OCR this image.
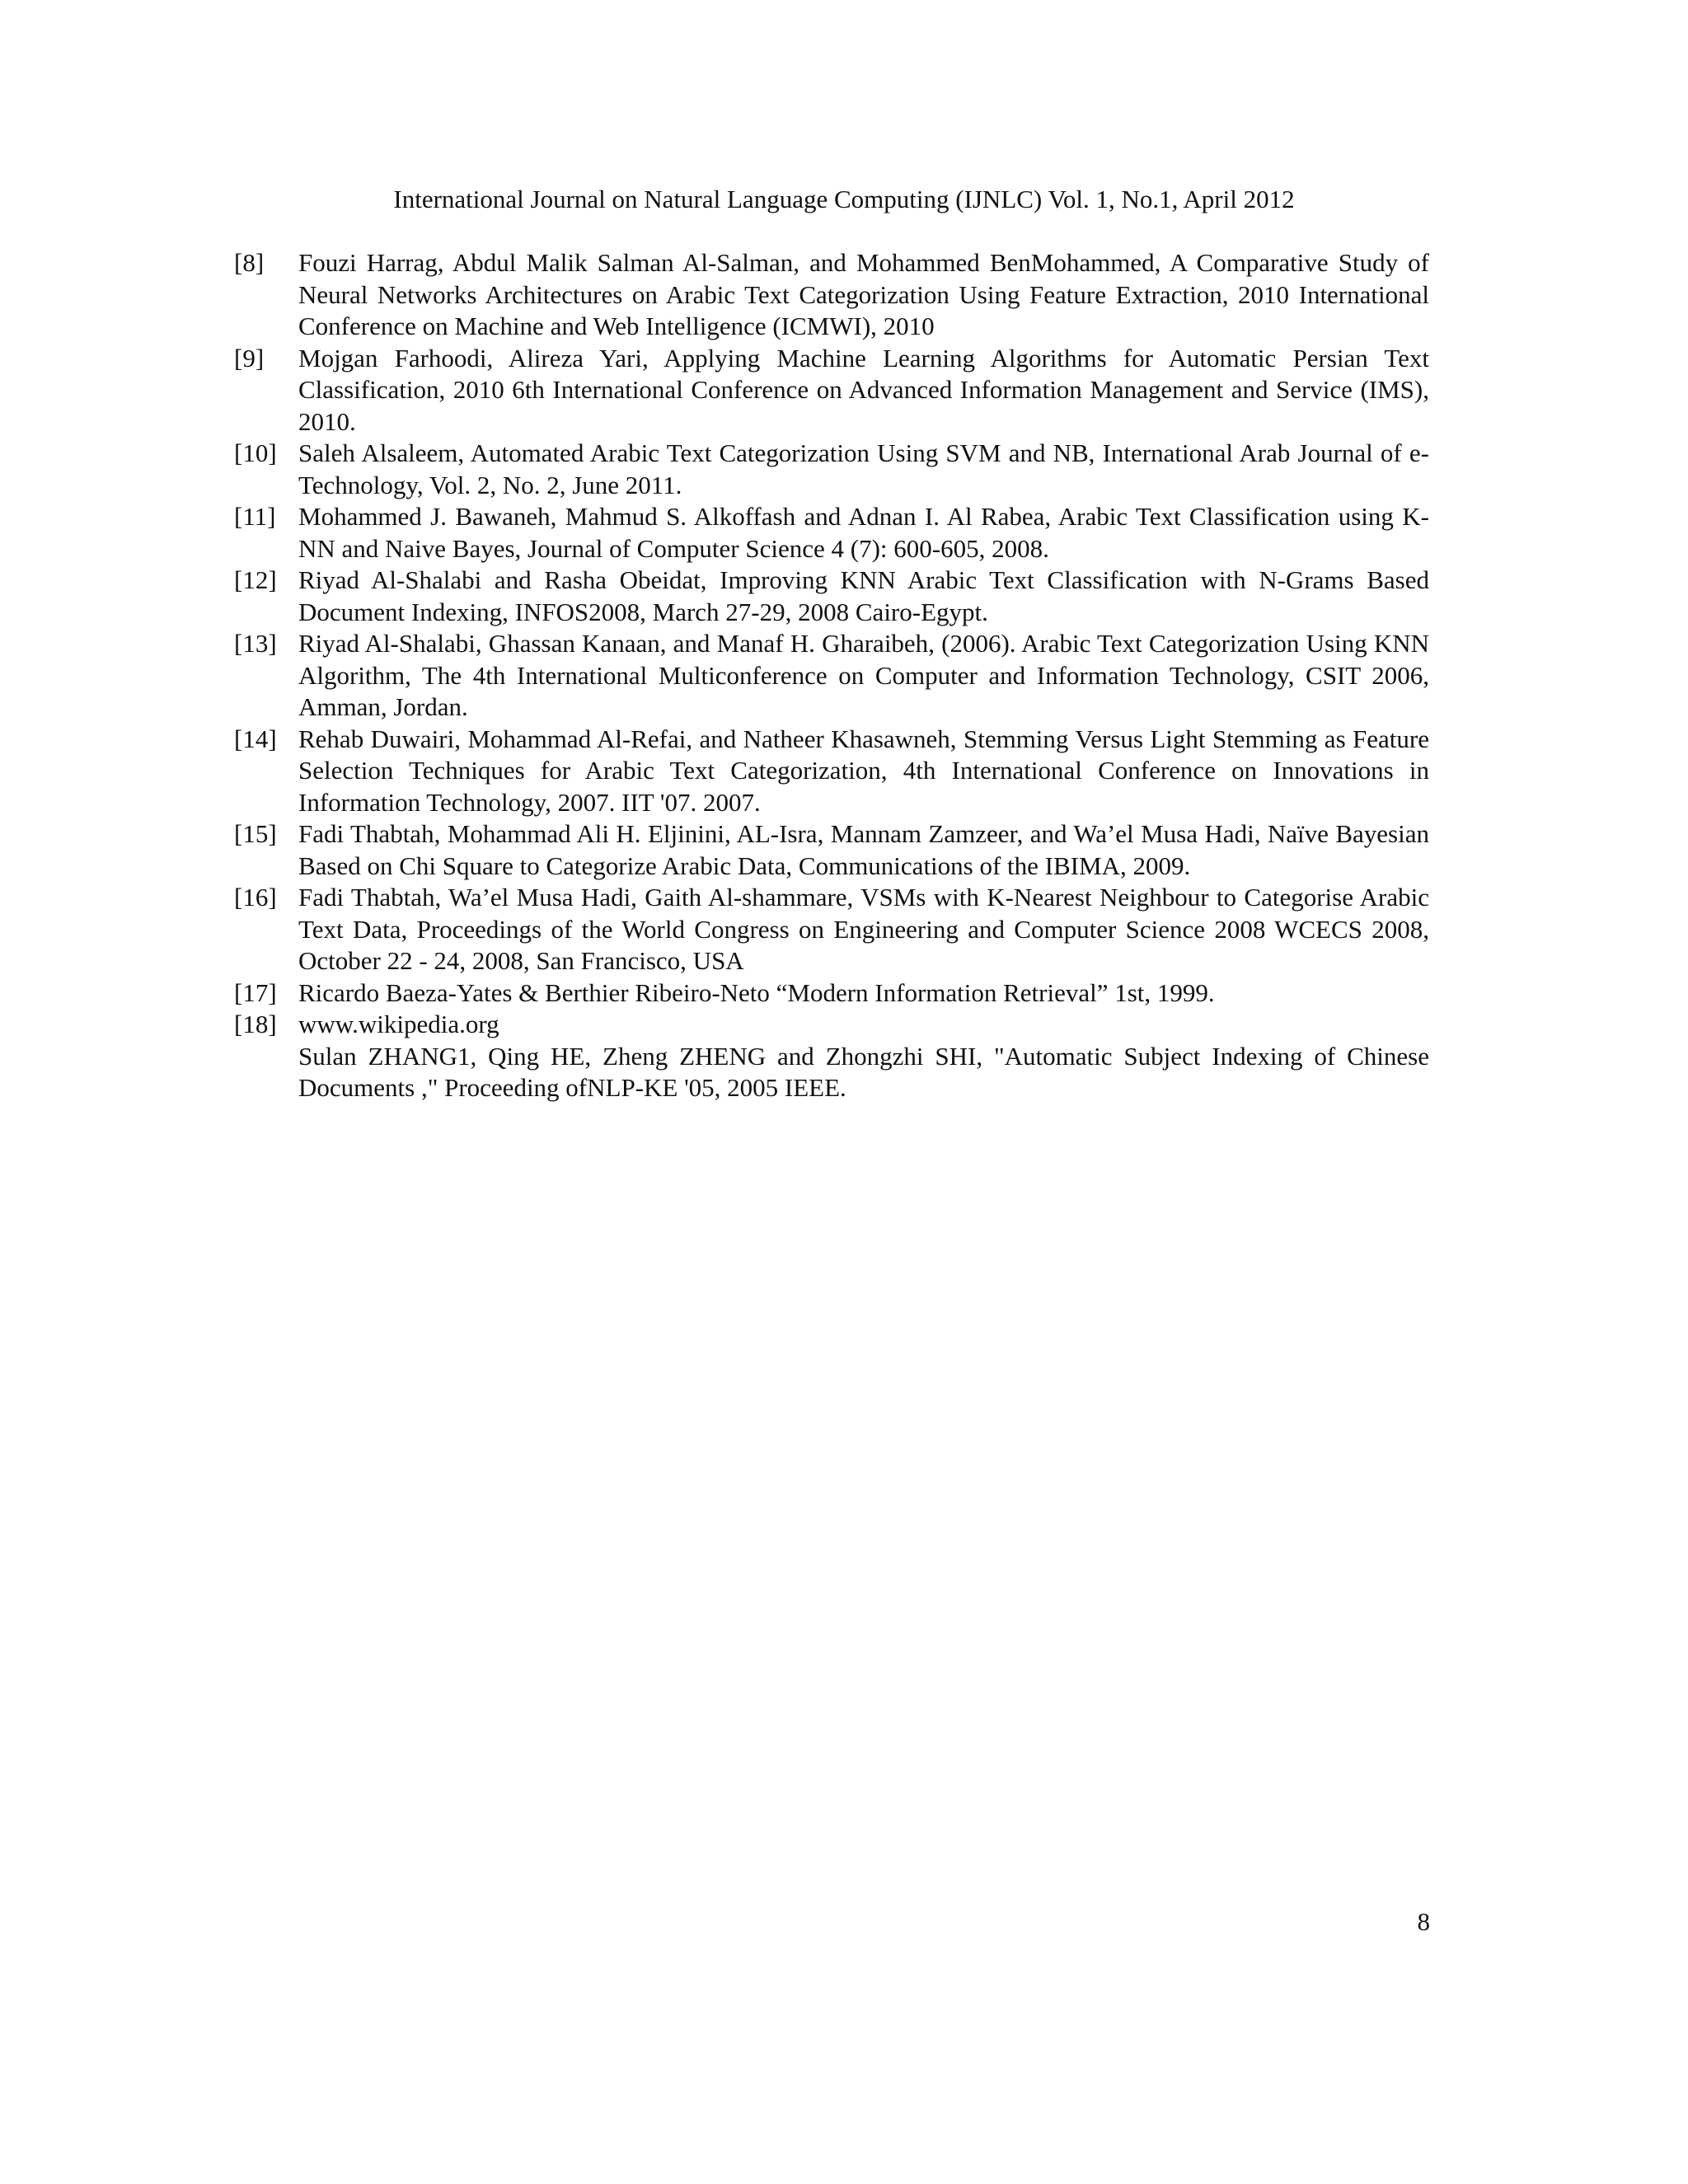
International Journal on Natural Language Computing (IJNLC) Vol. 1, No.1, April 2012
[8]	Fouzi Harrag, Abdul Malik Salman Al-Salman, and Mohammed BenMohammed, A Comparative Study of Neural Networks Architectures on Arabic Text Categorization Using Feature Extraction, 2010 International Conference on Machine and Web Intelligence (ICMWI), 2010
[9]	Mojgan Farhoodi, Alireza Yari, Applying Machine Learning Algorithms for Automatic Persian Text Classification, 2010 6th International Conference on Advanced Information Management and Service (IMS), 2010.
[10] Saleh Alsaleem, Automated Arabic Text Categorization Using SVM and NB, International Arab Journal of e-Technology, Vol. 2, No. 2, June 2011.
[11] Mohammed J. Bawaneh, Mahmud S. Alkoffash and Adnan I. Al Rabea, Arabic Text Classification using K-NN and Naive Bayes, Journal of Computer Science 4 (7): 600-605, 2008.
[12] Riyad Al-Shalabi and Rasha Obeidat, Improving KNN Arabic Text Classification with N-Grams Based Document Indexing, INFOS2008, March 27-29, 2008 Cairo-Egypt.
[13] Riyad Al-Shalabi, Ghassan Kanaan, and Manaf H. Gharaibeh, (2006). Arabic Text Categorization Using KNN Algorithm, The 4th International Multiconference on Computer and Information Technology, CSIT 2006, Amman, Jordan.
[14] Rehab Duwairi, Mohammad Al-Refai, and Natheer Khasawneh, Stemming Versus Light Stemming as Feature Selection Techniques for Arabic Text Categorization, 4th International Conference on Innovations in Information Technology, 2007. IIT '07. 2007.
[15] Fadi Thabtah, Mohammad Ali H. Eljinini, AL-Isra, Mannam Zamzeer, and Wa’el Musa Hadi, Naïve Bayesian Based on Chi Square to Categorize Arabic Data, Communications of the IBIMA, 2009.
[16] Fadi Thabtah, Wa’el Musa Hadi, Gaith Al-shammare, VSMs with K-Nearest Neighbour to Categorise Arabic Text Data, Proceedings of the World Congress on Engineering and Computer Science 2008 WCECS 2008, October 22 - 24, 2008, San Francisco, USA
[17] Ricardo Baeza-Yates & Berthier Ribeiro-Neto “Modern Information Retrieval” 1st, 1999.
[18] www.wikipedia.org
Sulan ZHANG1, Qing HE, Zheng ZHENG and Zhongzhi SHI, "Automatic Subject Indexing of Chinese Documents ," Proceeding ofNLP-KE '05, 2005 IEEE.
8
